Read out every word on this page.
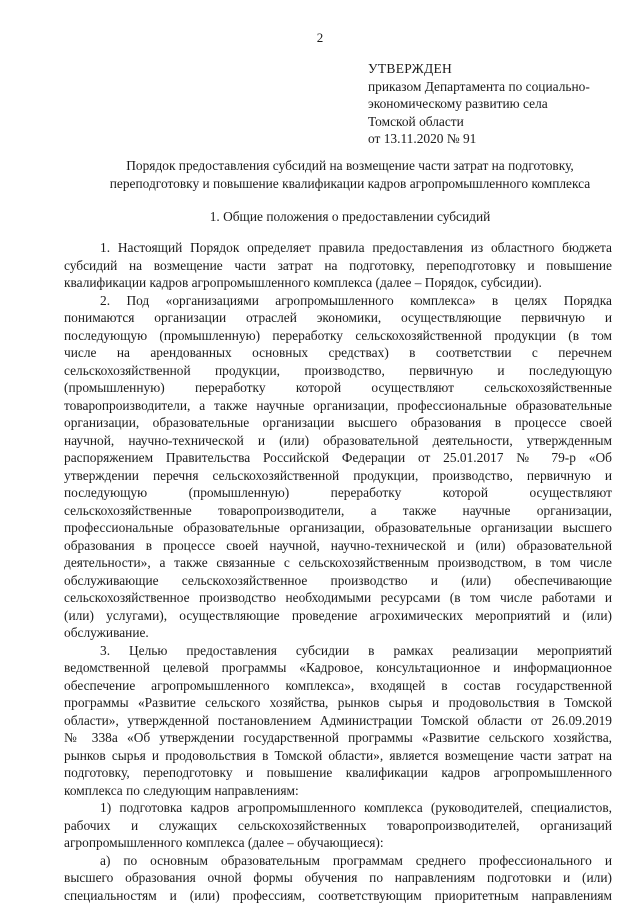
2
УТВЕРЖДЕН
приказом Департамента по социально-
экономическому развитию села
Томской области
от 13.11.2020 № 91
Порядок предоставления субсидий на возмещение части затрат на подготовку,
переподготовку и повышение квалификации кадров агропромышленного комплекса
1. Общие положения о предоставлении субсидий
1. Настоящий Порядок определяет правила предоставления из областного бюджета
субсидий на возмещение части затрат на подготовку, переподготовку и повышение
квалификации кадров агропромышленного комплекса (далее – Порядок, субсидии).
2. Под «организациями агропромышленного комплекса» в целях Порядка
понимаются организации отраслей экономики, осуществляющие первичную и
последующую (промышленную) переработку сельскохозяйственной продукции (в том
числе на арендованных основных средствах) в соответствии с перечнем
сельскохозяйственной продукции, производство, первичную и последующую
(промышленную) переработку которой осуществляют сельскохозяйственные
товаропроизводители, а также научные организации, профессиональные образовательные
организации, образовательные организации высшего образования в процессе своей
научной, научно-технической и (или) образовательной деятельности, утвержденным
распоряжением Правительства Российской Федерации от 25.01.2017 № 79-р «Об
утверждении перечня сельскохозяйственной продукции, производство, первичную и
последующую (промышленную) переработку которой осуществляют
сельскохозяйственные товаропроизводители, а также научные организации,
профессиональные образовательные организации, образовательные организации высшего
образования в процессе своей научной, научно-технической и (или) образовательной
деятельности», а также связанные с сельскохозяйственным производством, в том числе
обслуживающие сельскохозяйственное производство и (или) обеспечивающие
сельскохозяйственное производство необходимыми ресурсами (в том числе работами и
(или) услугами), осуществляющие проведение агрохимических мероприятий и (или)
обслуживание.
3. Целью предоставления субсидии в рамках реализации мероприятий
ведомственной целевой программы «Кадровое, консультационное и информационное
обеспечение агропромышленного комплекса», входящей в состав государственной
программы «Развитие сельского хозяйства, рынков сырья и продовольствия в Томской
области», утвержденной постановлением Администрации Томской области от 26.09.2019
№ 338а «Об утверждении государственной программы «Развитие сельского хозяйства,
рынков сырья и продовольствия в Томской области», является возмещение части затрат на
подготовку, переподготовку и повышение квалификации кадров агропромышленного
комплекса по следующим направлениям:
1) подготовка кадров агропромышленного комплекса (руководителей, специалистов,
рабочих и служащих сельскохозяйственных товаропроизводителей, организаций
агропромышленного комплекса (далее – обучающиеся):
а) по основным образовательным программам среднего профессионального и
высшего образования очной формы обучения по направлениям подготовки и (или)
специальностям и (или) профессиям, соответствующим приоритетным направлениям
